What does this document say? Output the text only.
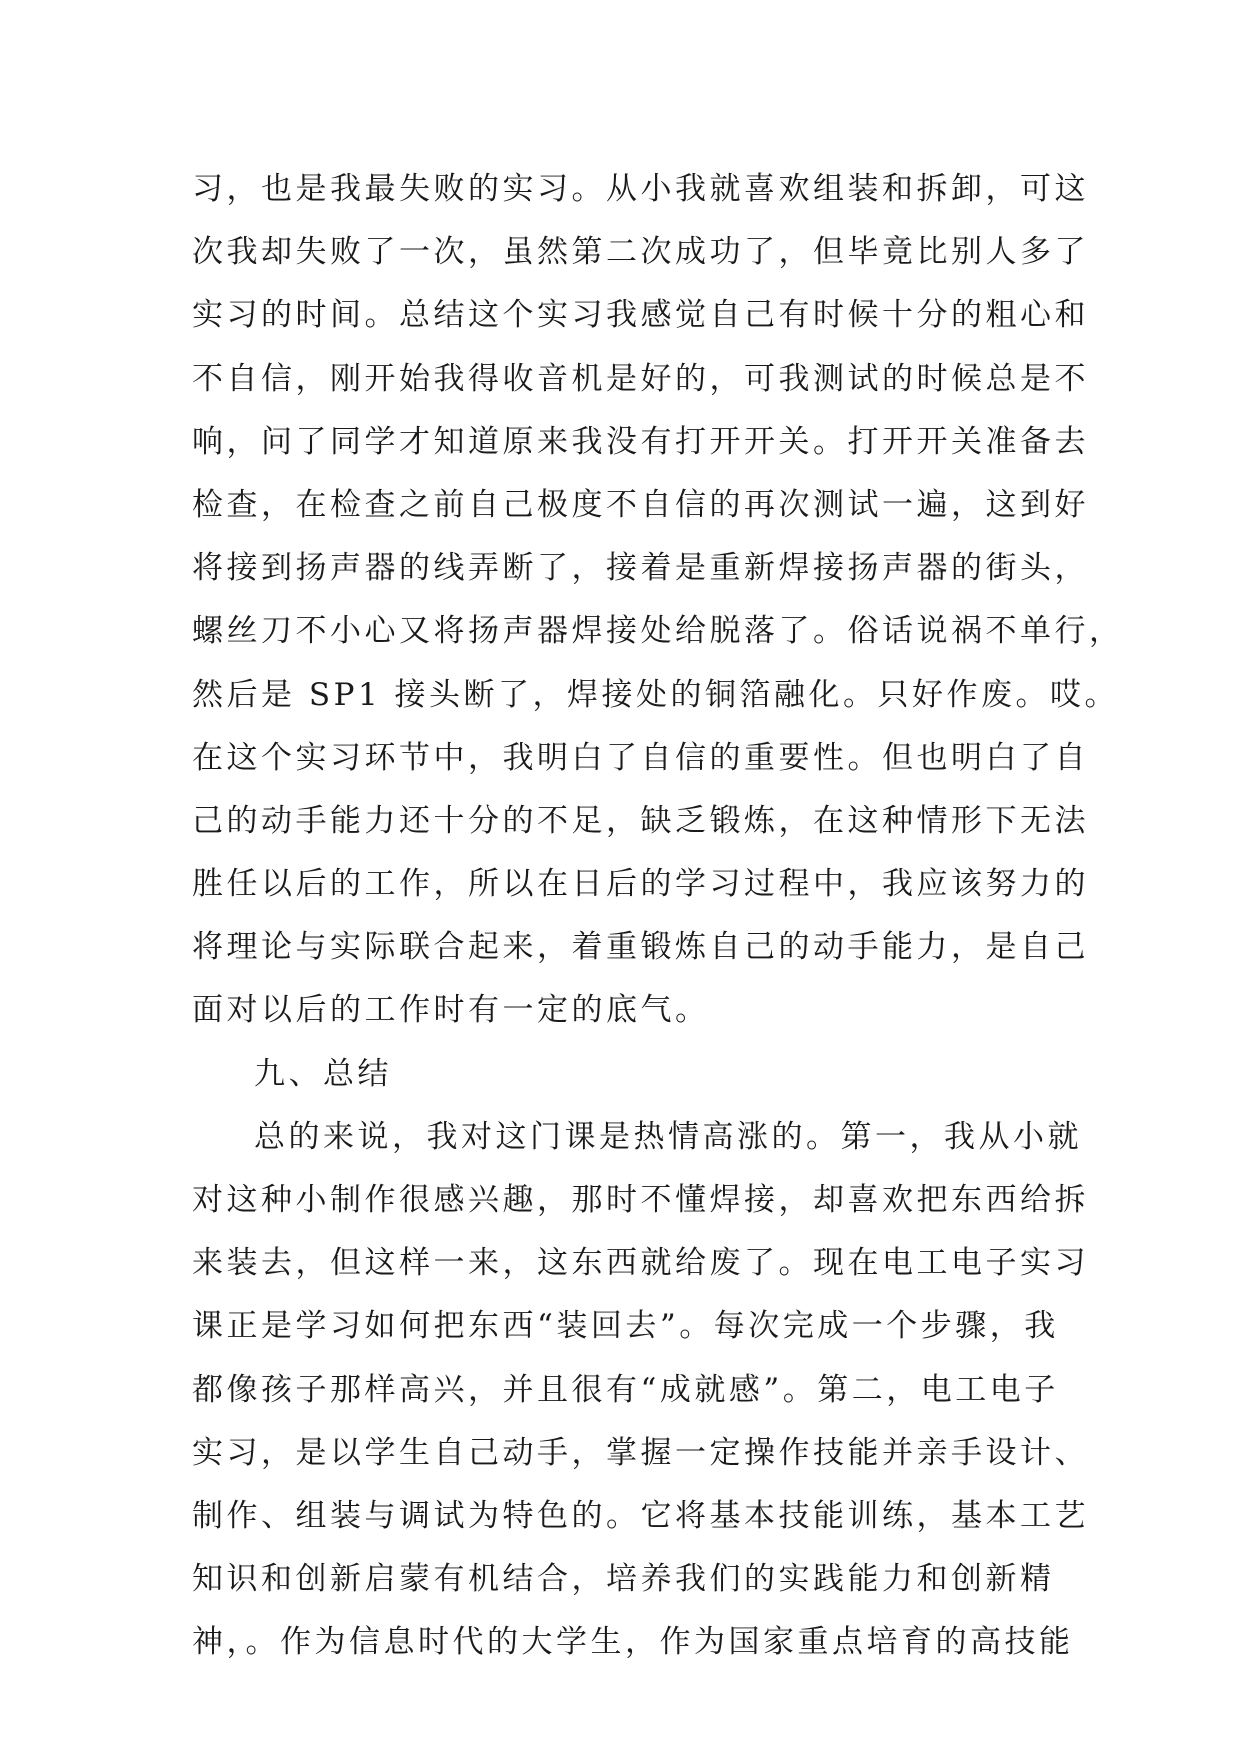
习，也是我最失败的实习。从小我就喜欢组装和拆卸，可这
次我却失败了一次，虽然第二次成功了，但毕竟比别人多了
实习的时间。总结这个实习我感觉自己有时候十分的粗心和
不自信，刚开始我得收音机是好的，可我测试的时候总是不
响，问了同学才知道原来我没有打开开关。打开开关准备去
检查，在检查之前自己极度不自信的再次测试一遍，这到好
将接到扬声器的线弄断了，接着是重新焊接扬声器的街头，
螺丝刀不小心又将扬声器焊接处给脱落了。俗话说祸不单行，
然后是 SP1 接头断了，焊接处的铜箔融化。只好作废。哎。
在这个实习环节中，我明白了自信的重要性。但也明白了自
己的动手能力还十分的不足，缺乏锻炼，在这种情形下无法
胜任以后的工作，所以在日后的学习过程中，我应该努力的
将理论与实际联合起来，着重锻炼自己的动手能力，是自己
面对以后的工作时有一定的底气。
九、总结
总的来说，我对这门课是热情高涨的。第一，我从小就
对这种小制作很感兴趣，那时不懂焊接，却喜欢把东西给拆
来装去，但这样一来，这东西就给废了。现在电工电子实习
课正是学习如何把东西“装回去”。每次完成一个步骤，我
都像孩子那样高兴，并且很有“成就感”。第二，电工电子
实习，是以学生自己动手，掌握一定操作技能并亲手设计、
制作、组装与调试为特色的。它将基本技能训练，基本工艺
知识和创新启蒙有机结合，培养我们的实践能力和创新精
神，。作为信息时代的大学生，作为国家重点培育的高技能
